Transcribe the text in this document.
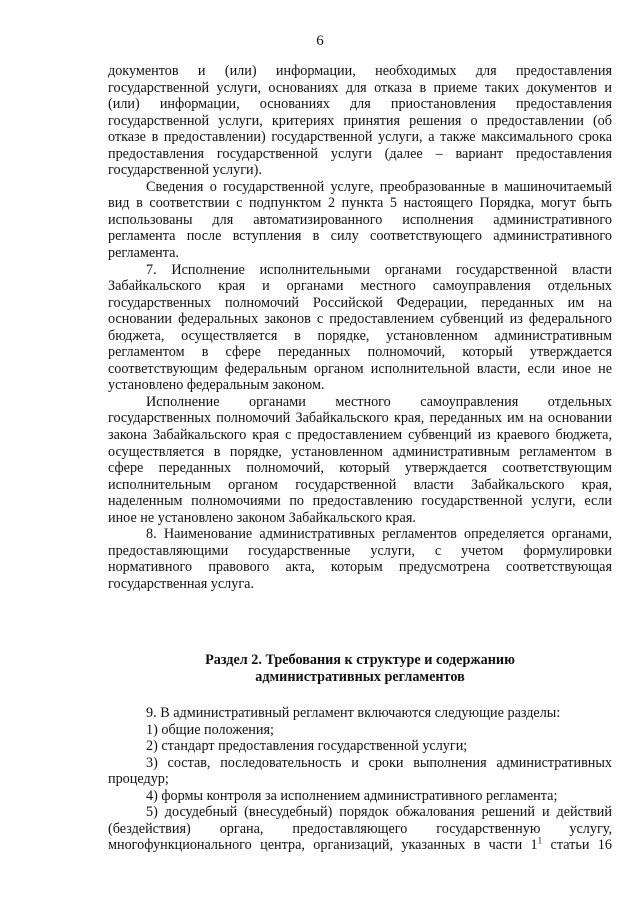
6

документов и (или) информации, необходимых для предоставления государственной услуги, основаниях для отказа в приеме таких документов и (или) информации, основаниях для приостановления предоставления государственной услуги, критериях принятия решения о предоставлении (об отказе в предоставлении) государственной услуги, а также максимального срока предоставления государственной услуги (далее – вариант предоставления государственной услуги).

Сведения о государственной услуге, преобразованные в машиночитаемый вид в соответствии с подпунктом 2 пункта 5 настоящего Порядка, могут быть использованы для автоматизированного исполнения административного регламента после вступления в силу соответствующего административного регламента.

7. Исполнение исполнительными органами государственной власти Забайкальского края и органами местного самоуправления отдельных государственных полномочий Российской Федерации, переданных им на основании федеральных законов с предоставлением субвенций из федерального бюджета, осуществляется в порядке, установленном административным регламентом в сфере переданных полномочий, который утверждается соответствующим федеральным органом исполнительной власти, если иное не установлено федеральным законом.

Исполнение органами местного самоуправления отдельных государственных полномочий Забайкальского края, переданных им на основании закона Забайкальского края с предоставлением субвенций из краевого бюджета, осуществляется в порядке, установленном административным регламентом в сфере переданных полномочий, который утверждается соответствующим исполнительным органом государственной власти Забайкальского края, наделенным полномочиями по предоставлению государственной услуги, если иное не установлено законом Забайкальского края.

8. Наименование административных регламентов определяется органами, предоставляющими государственные услуги, с учетом формулировки нормативного правового акта, которым предусмотрена соответствующая государственная услуга.

Раздел 2. Требования к структуре и содержанию

административных регламентов

9. В административный регламент включаются следующие разделы:

1) общие положения;

2) стандарт предоставления государственной услуги;

3) состав, последовательность и сроки выполнения административных процедур;

4) формы контроля за исполнением административного регламента;

5) досудебный (внесудебный) порядок обжалования решений и действий (бездействия) органа, предоставляющего государственную услугу, многофункционального центра, организаций, указанных в части $1^1$ статьи 16
